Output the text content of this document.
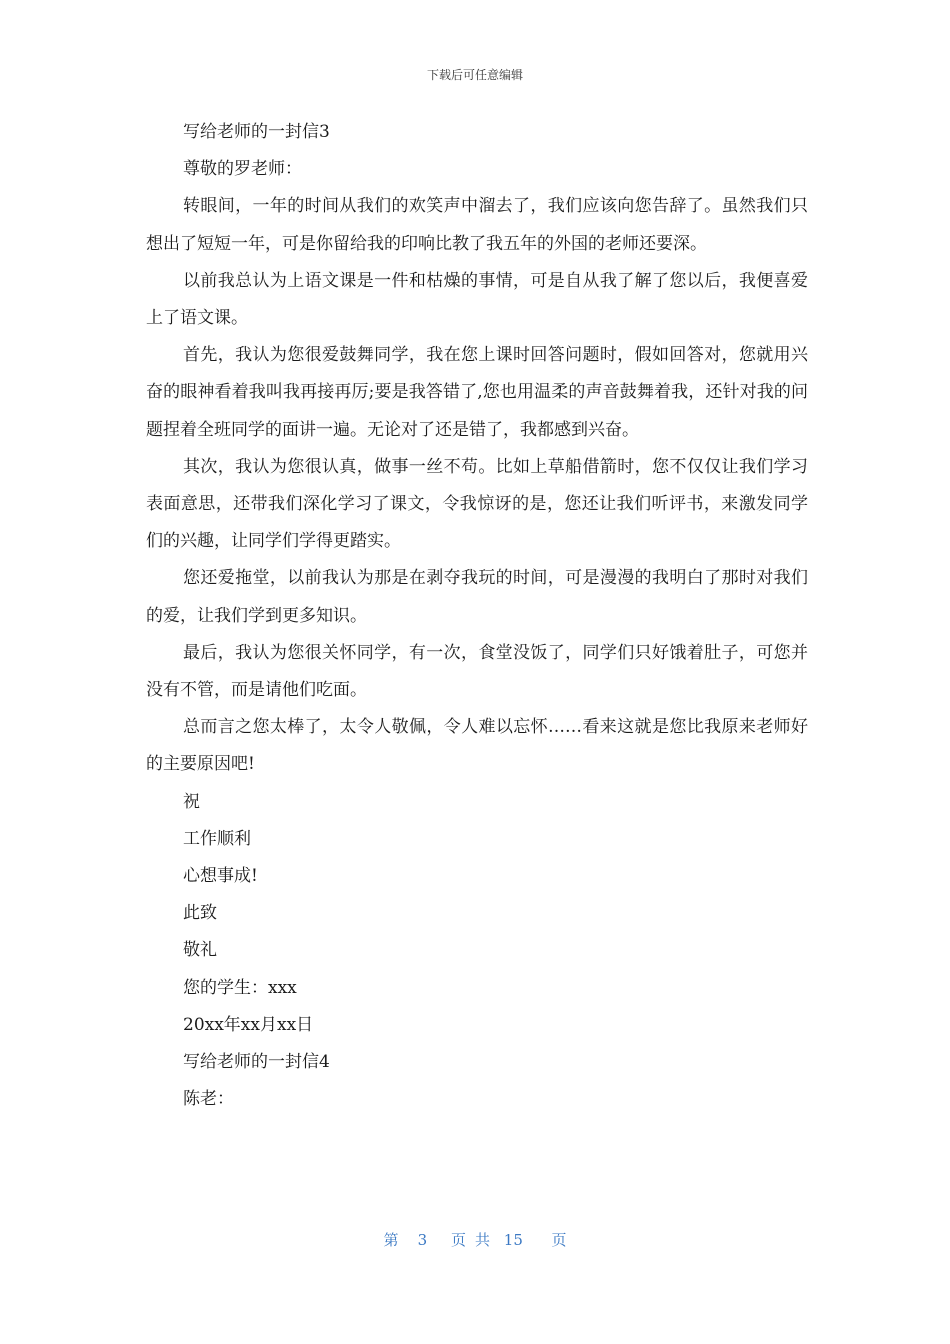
下载后可任意编辑

写给老师的一封信3

尊敬的罗老师：

转眼间，一年的时间从我们的欢笑声中溜去了，我们应该向您告辞了。虽然我们只想出了短短一年，可是你留给我的印响比教了我五年的外国的老师还要深。

以前我总认为上语文课是一件和枯燥的事情，可是自从我了解了您以后，我便喜爱上了语文课。

首先，我认为您很爱鼓舞同学，我在您上课时回答问题时，假如回答对，您就用兴奋的眼神看着我叫我再接再厉;要是我答错了,您也用温柔的声音鼓舞着我，还针对我的问题捏着全班同学的面讲一遍。无论对了还是错了，我都感到兴奋。

其次，我认为您很认真，做事一丝不苟。比如上草船借箭时，您不仅仅让我们学习表面意思，还带我们深化学习了课文，令我惊讶的是，您还让我们听评书，来激发同学们的兴趣，让同学们学得更踏实。

您还爱拖堂，以前我认为那是在剥夺我玩的时间，可是漫漫的我明白了那时对我们的爱，让我们学到更多知识。

最后，我认为您很关怀同学，有一次，食堂没饭了，同学们只好饿着肚子，可您并没有不管，而是请他们吃面。

总而言之您太棒了，太令人敬佩，令人难以忘怀……看来这就是您比我原来老师好的主要原因吧!

祝

工作顺利

心想事成!

此致

敬礼

您的学生：xxx

20xx年xx月xx日

写给老师的一封信4

陈老：

第 3 页共 15 页
